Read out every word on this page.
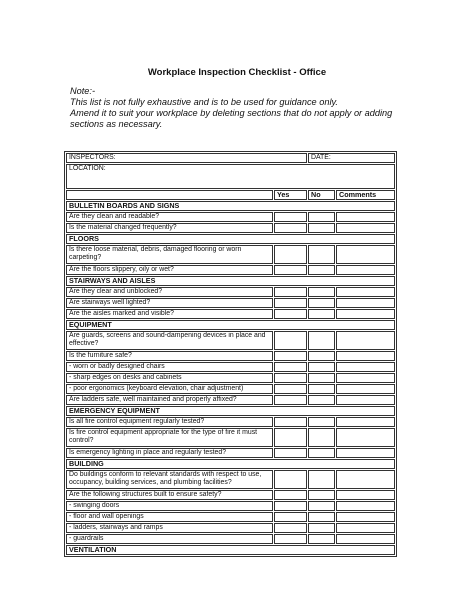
Workplace Inspection Checklist - Office
Note:-
This list is not fully exhaustive and is to be used for guidance only.
Amend it to suit your workplace by deleting sections that do not apply or adding
sections as necessary.
INSPECTORS:		DATE:	
LOCATION:			
	Yes	No	Comments
BULLETIN BOARDS AND SIGNS			
Are they clean and readable?			
Is the material changed frequently?			
FLOORS			
Is there loose material, debris, damaged flooring or worn carpeting?			
Are the floors slippery, oily or wet?			
STAIRWAYS AND AISLES			
Are they clear and unblocked?			
Are stairways well lighted?			
Are the aisles marked and visible?			
EQUIPMENT			
Are guards, screens and sound-dampening devices in place and effective?			
Is the furniture safe?			
- worn or badly designed chairs			
- sharp edges on desks and cabinets			
- poor ergonomics (keyboard elevation, chair adjustment)			
Are ladders safe, well maintained and properly affixed?			
EMERGENCY EQUIPMENT			
Is all fire control equipment regularly tested?			
Is fire control equipment appropriate for the type of fire it must control?			
Is emergency lighting in place and regularly tested?			
BUILDING			
Do buildings conform to relevant standards with respect to use, occupancy, building services, and plumbing facilities?			
Are the following structures built to ensure safety?			
- swinging doors			
- floor and wall openings			
- ladders, stairways and ramps			
- guardrails			
VENTILATION			
